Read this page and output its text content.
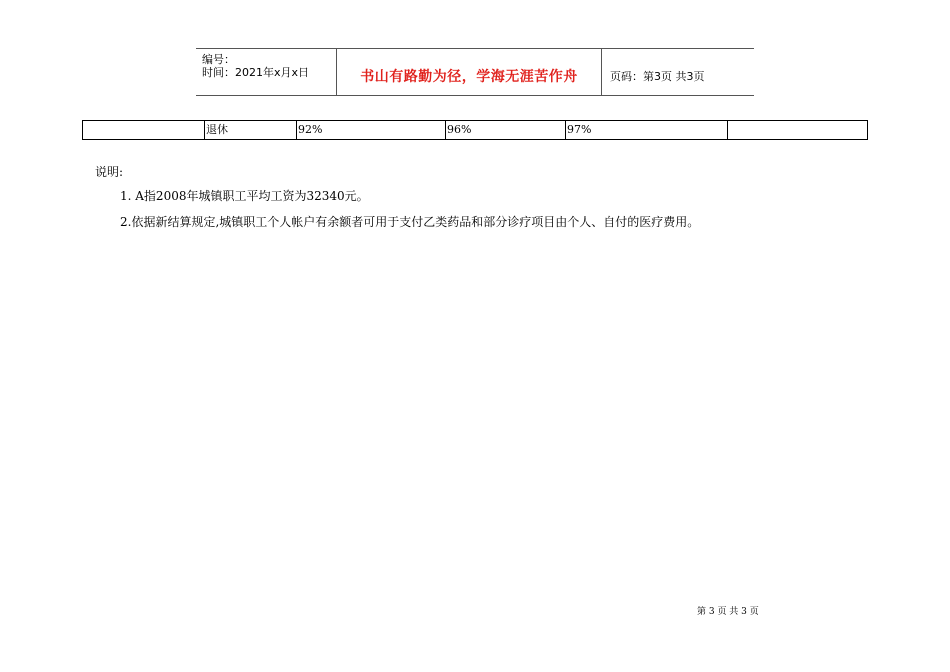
编号：
时间：2021年x月x日	书山有路勤为径，学海无涯苦作舟	页码：第3页 共3页
退休	92%	96%	97%
说明:
1. A指2008年城镇职工平均工资为32340元。
2.依据新结算规定,城镇职工个人帐户有余额者可用于支付乙类药品和部分诊疗项目由个人、自付的医疗费用。
第 3 页 共 3 页
